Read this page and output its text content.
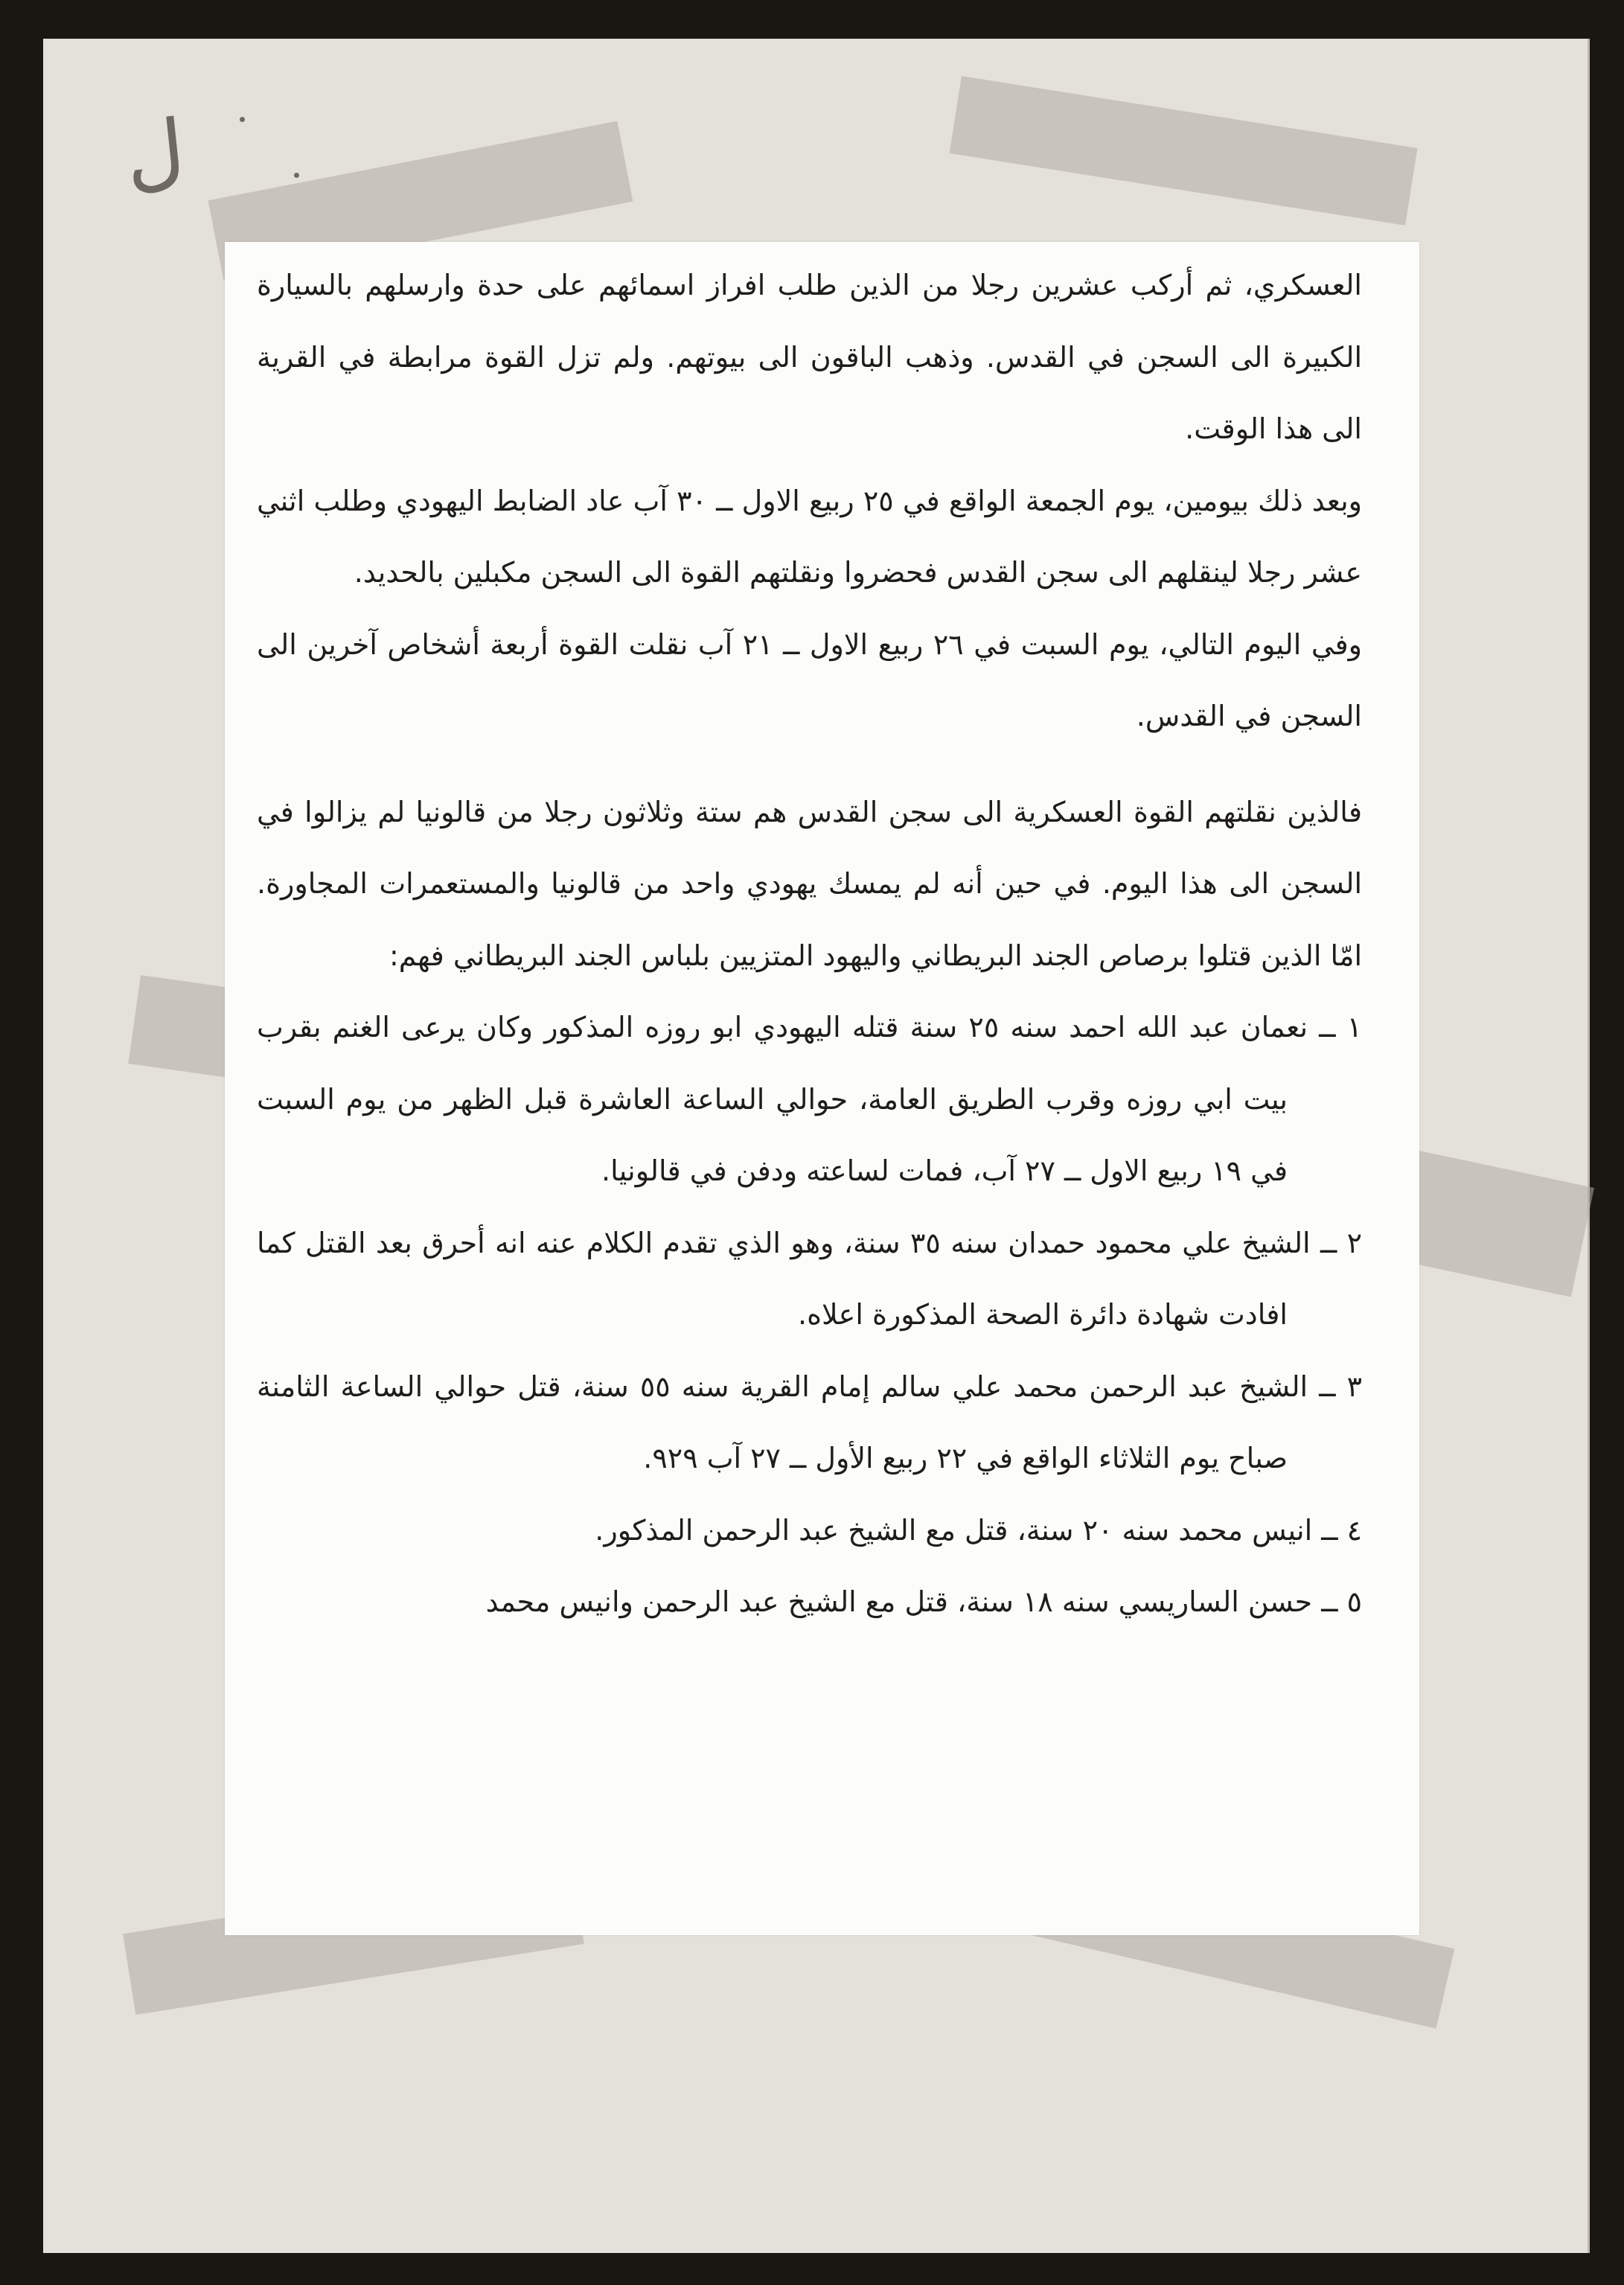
ل

العسكري، ثم أركب عشرين رجلا من الذين طلب افراز اسمائهم على حدة وارسلهم بالسيارة الكبيرة الى السجن في القدس. وذهب الباقون الى بيوتهم. ولم تزل القوة مرابطة في القرية الى هذا الوقت.

وبعد ذلك بيومين، يوم الجمعة الواقع في ٢٥ ربيع الاول ــ ٣٠ آب عاد الضابط اليهودي وطلب اثني عشر رجلا لينقلهم الى سجن القدس فحضروا ونقلتهم القوة الى السجن مكبلين بالحديد.

وفي اليوم التالي، يوم السبت في ٢٦ ربيع الاول ــ ٢١ آب نقلت القوة أربعة أشخاص آخرين الى السجن في القدس.

فالذين نقلتهم القوة العسكرية الى سجن القدس هم ستة وثلاثون رجلا من قالونيا لم يزالوا في السجن الى هذا اليوم. في حين أنه لم يمسك يهودي واحد من قالونيا والمستعمرات المجاورة. امّا الذين قتلوا برصاص الجند البريطاني واليهود المتزيين بلباس الجند البريطاني فهم:

١ ــ نعمان عبد الله احمد سنه ٢٥ سنة قتله اليهودي ابو روزه المذكور وكان يرعى الغنم بقرب بيت ابي روزه وقرب الطريق العامة، حوالي الساعة العاشرة قبل الظهر من يوم السبت في ١٩ ربيع الاول ــ ٢٧ آب، فمات لساعته ودفن في قالونيا.

٢ ــ الشيخ علي محمود حمدان سنه ٣٥ سنة، وهو الذي تقدم الكلام عنه انه أحرق بعد القتل كما افادت شهادة دائرة الصحة المذكورة اعلاه.

٣ ــ الشيخ عبد الرحمن محمد علي سالم إمام القرية سنه ٥٥ سنة، قتل حوالي الساعة الثامنة صباح يوم الثلاثاء الواقع في ٢٢ ربيع الأول ــ ٢٧ آب ٩٢٩.

٤ ــ انيس محمد سنه ٢٠ سنة، قتل مع الشيخ عبد الرحمن المذكور.

٥ ــ حسن الساريسي سنه ١٨ سنة، قتل مع الشيخ عبد الرحمن وانيس محمد
